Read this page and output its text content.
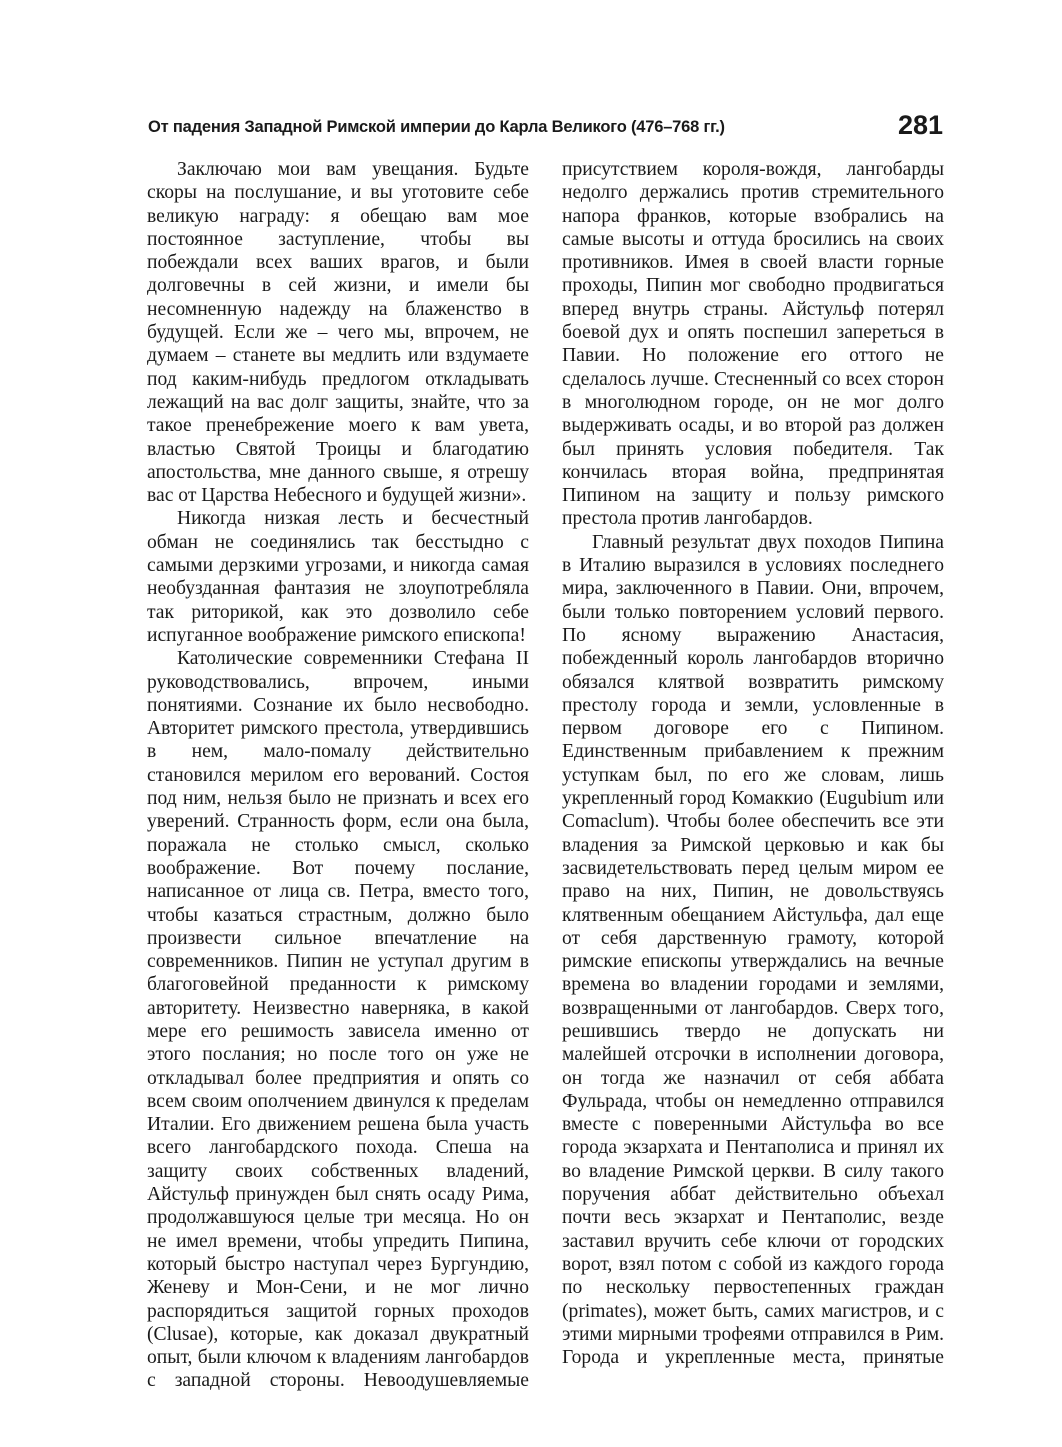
От падения Западной Римской империи до Карла Великого (476–768 гг.)	281

Заключаю мои вам увещания. Будьте скоры на послушание, и вы уготовите себе великую награду: я обещаю вам мое постоянное заступление, чтобы вы побеждали всех ваших врагов, и были долговечны в сей жизни, и имели бы несомненную надежду на блаженство в будущей. Если же – чего мы, впрочем, не думаем – станете вы медлить или вздумаете под каким-нибудь предлогом откладывать лежащий на вас долг защиты, знайте, что за такое пренебрежение моего к вам увета, властью Святой Троицы и благодатию апостольства, мне данного свыше, я отрешу вас от Царства Небесного и будущей жизни».

Никогда низкая лесть и бесчестный обман не соединялись так бесстыдно с самыми дерзкими угрозами, и никогда самая необузданная фантазия не злоупотребляла так риторикой, как это дозволило себе испуганное воображение римского епископа!

Католические современники Стефана II руководствовались, впрочем, иными понятиями. Сознание их было несвободно. Авторитет римского престола, утвердившись в нем, мало-помалу действительно становился мерилом его верований. Состоя под ним, нельзя было не признать и всех его уверений. Странность форм, если она была, поражала не столько смысл, сколько воображение. Вот почему послание, написанное от лица св. Петра, вместо того, чтобы казаться страстным, должно было произвести сильное впечатление на современников. Пипин не уступал другим в благоговейной преданности к римскому авторитету. Неизвестно наверняка, в какой мере его решимость зависела именно от этого послания; но после того он уже не откладывал более предприятия и опять со всем своим ополчением двинулся к пределам Италии. Его движением решена была участь всего лангобардского похода. Спеша на защиту своих собственных владений, Айстульф принужден был снять осаду Рима, продолжавшуюся целые три месяца. Но он не имел времени, чтобы упредить Пипина, который быстро наступал через Бургундию, Женеву и Мон-Сени, и не мог лично распорядиться защитой горных проходов (Clusae), которые, как доказал двукратный опыт, были ключом к владениям лангобардов с западной стороны. Невоодушевляемые

присутствием короля-вождя, лангобарды недолго держались против стремительного напора франков, которые взобрались на самые высоты и оттуда бросились на своих противников. Имея в своей власти горные проходы, Пипин мог свободно продвигаться вперед внутрь страны. Айстульф потерял боевой дух и опять поспешил запереться в Павии. Но положение его оттого не сделалось лучше. Стесненный со всех сторон в многолюдном городе, он не мог долго выдерживать осады, и во второй раз должен был принять условия победителя. Так кончилась вторая война, предпринятая Пипином на защиту и пользу римского престола против лангобардов.

Главный результат двух походов Пипина в Италию выразился в условиях последнего мира, заключенного в Павии. Они, впрочем, были только повторением условий первого. По ясному выражению Анастасия, побежденный король лангобардов вторично обязался клятвой возвратить римскому престолу города и земли, условленные в первом договоре его с Пипином. Единственным прибавлением к прежним уступкам был, по его же словам, лишь укрепленный город Комаккио (Eugubium или Comaclum). Чтобы более обеспечить все эти владения за Римской церковью и как бы засвидетельствовать перед целым миром ее право на них, Пипин, не довольствуясь клятвенным обещанием Айстульфа, дал еще от себя дарственную грамоту, которой римские епископы утверждались на вечные времена во владении городами и землями, возвращенными от лангобардов. Сверх того, решившись твердо не допускать ни малейшей отсрочки в исполнении договора, он тогда же назначил от себя аббата Фульрада, чтобы он немедленно отправился вместе с поверенными Айстульфа во все города экзархата и Пентаполиса и принял их во владение Римской церкви. В силу такого поручения аббат действительно объехал почти весь экзархат и Пентаполис, везде заставил вручить себе ключи от городских ворот, взял потом с собой из каждого города по нескольку первостепенных граждан (primates), может быть, самих магистров, и с этими мирными трофеями отправился в Рим. Города и укрепленные места, принятые
